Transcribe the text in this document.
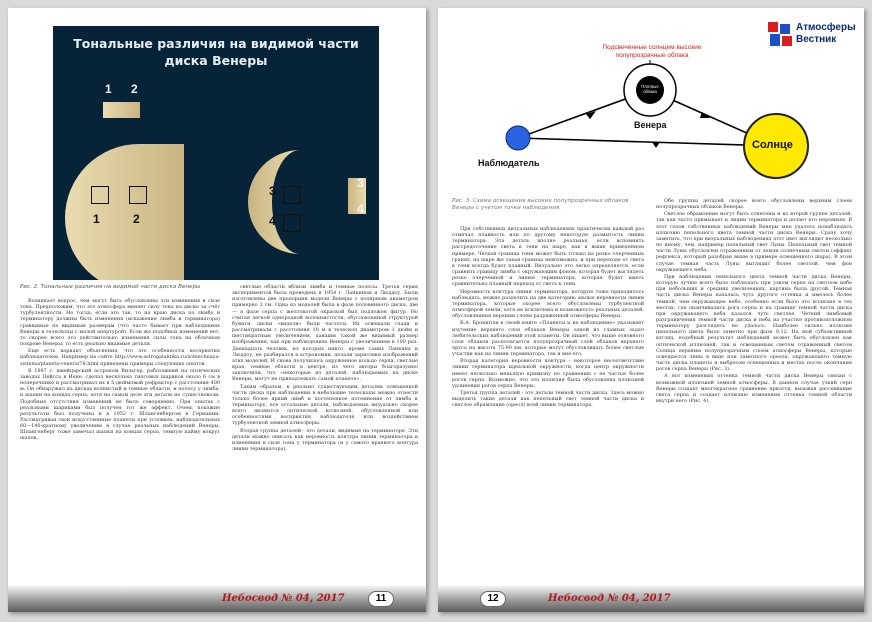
Тональные различия на видимой части
диска Венеры
1 2
1	2
3
4
3
4
Рис. 2. Тональные различия на видимой части диска Венеры

Возникает вопрос, чем могут быть обусловлены эти изменения в силе тона. Предположим, что это атмосфера меняет силу тона на диске за счёт турбулентности. Но тогда, если это так, то на краю диска по лимбу и терминатору должны быть изменения (искажения лимба и терминатора) сравнимые по видимым размерам (что часто бывает при наблюдениях Венеры в телескопы с малой апертурой). Если же подобных изменений нет, то скорее всего это действительно изменения силы тона на облачном покрове Венеры, то есть реально видимые детали.

Еще есть вариант объяснения, что это особенности восприятия наблюдателем. Например на сайте http://www.astrogalaktika.ru/solnechnaya-sistema/planeta-venera/78.html приведены примеры следующих опытов.

В 1897 г. швейцарский астроном Вильгер, работавший на оптических заводах Цейсса в Иене, сделал несколько гипсовых шариков около 6 см в поперечнике и рассматривал их в 5-дюймовый рефрактор с расстояния 400 м. Он обнаружил на дисках волнистый и темные области, и полосу у лимба, и шапки на концах серпа, хотя на самом деле эти детали не существовали. Подобные отсутствия изменений не было совершенно. При опытах с реальными шариками был получен тот же эффект. Очень похожие результаты был получены и в 1952 г. Шлангенбергом в Германии. Рассматривая свои искусственные планеты при условиях, наблюдательных 60—140-кратному увеличению в случае реальных наблюдений Венеры, Шпангенберг тоже замечал шапки на концах серпа, темную кайму вокруг шапок,

светлые области вблизи лимба и темные полосы. Третья серия экспериментов была проведена в 1954 г. Ланкином и Люддоу. Были изготовлены две пропорции модели Венеры с полярным диаметром примерно 3 см. Одна из моделей была в фазе половинного диска, две — в фазе серпа с желтоватой окраской был подложен фигур. Но считая легкой однородной волокнистости, обусловленной структурой бумаги, диски «видели» были частоты. Их освещали сзади и рассматривали с расстояния 10 м в телескоп диаметром 1 дюйм и шестикратным увеличением, давшим такой же видимый размер изображения, как при наблюдениях Венеры с увеличением в 100 раз. Двенадцать человек, из которых никто, кроме самих Ланкина и Люддоу, не разбирался в астрономии, делали зарисовки изображений этих моделей. И снова получилось окруженное кольцо серпа, светлые края, темные области в центре, из чего авторы благоразумно заключили, что «некоторые из деталей, наблюдаемых на диске Венеры, могут не принадлежать самой планете».

Таким образом, к реально существующим деталям освещенной части диска при наблюдении в небольшие телескопы можно отнести только более яркий лимб и постепенное потемнение от лимба к терминатору, все остальные детали, наблюдаемые визуально скорее всего являются оптической иллюзией, обусловленной или особенностями восприятия наблюдателя или воздействием турбулентной земной атмосферы.

Вторая группа деталей - это детали, видимые на терминаторе. Эти детали можно описать как неровность контура линии терминатора и изменения в силе тона у терминатора (и у самого краевого контура линии терминатора).

Небосвод № 04, 2017	11
Атмосферы
Вестник
Подсвеченные солнцем высокие
полупрозрачные облака
Плотные
облака
Венера
Наблюдатель
Солнце
Рис. 3. Схема освещения высоких полупрозрачных облаков Венеры с учетом точки наблюдения.

При собственных визуальных наблюдениях практически каждый раз отмечал плавность или по другому некоторую размытость линии терминатора. Эта деталь вполне реальная, если вспомнить рассредоточение света в тени на шаре, как в выше приведенном примере. Четкая граница тени может быть только на резко очерченных гранях, на шаре же такая граница невозможна, и при переходе от света к тени всегда будет плавный. Визуально это легко определяется, если сравнить границу лимба с окружающим фоном, которая будет выглядеть резко очерченной и линию терминатора, которая будет иметь сравнительно плавный переход от света к тени.

Неровность контура линии терминатора, которую тоже приходилось наблюдать, можно разделить на две категории: малые неровности линии терминатора, которые скорее всего обусловлены турбулентной атмосферой земли, хотя не исключена и возможность реальных деталей, обусловленных верхним слоем разряженной атмосферы Венеры.

В.А. Бронштэн в своей книге «Планеты и их наблюдение» указывает изучение верхнего слоя облаков Венеры одной из главных задач любительских наблюдений этой планеты. Он пишет, что выше основного слоя облаков располагается полупрозрачный слой облаков верхнего яруса на высоте 75-90 км, которые могут обусловливать более светлые участки как на линии терминатора, так и вне его.

Вторая категория неровности контура - некоторое несоответствие линии терминатора идеальной окружности, когда центр окружности имеет несколько меньшую кривизну по сравнению с ее частью более рогов серпа. Возможно, что эта иллюзия была обусловлена иллюзией удлинения рогов серпа Венеры.

Третья группа деталей - это детали темной части диска. Здесь можно выделить такие детали как пепельный свет темной части диска и светлое обрамление (ореол) всей линии терминатора.

Обе группы деталей скорее всего обусловлены верхним слоем полупрозрачных облаков Венеры.

Светлое обрамление могут быть отнесены и ко второй группе деталей, так как часто примыкает к линии терминатора и делает его неровным. В этот сезон собственных наблюдений Венеры мне удалось понаблюдать иллюзию пепельного цвета темной части диска Венеры. Сразу хочу заметить, что при визуальных наблюдениях этот цвет выглядит несколько по иному, чем, например пепельный свет Луны. Пепельный свет темной части Луны обусловлен отраженным от земли солнечным светом (эффект рефлекса, который разобран выше в примере освещенного шара). В этом случае темная часть Луны выглядит более светлой, чем фон окружающего неба.

При наблюдении пепельного цвета темной части диска Венеры, которую лучше всего было наблюдать при узком серпе на светлом небе при небольших и средних увеличениях, картина была другой. Темная часть диска Венеры казалась чуть другого оттенка и имелось более темной, чем окружающее небо, особенно если было это иллюзия в тех местах, где оканчивались рога серпа и на границе темной части диска при окружающего неба казался чуть светлее. Четкий лимбовый разграничения темной части диска и неба на участке противоположном терминатору разглядеть не удалось. Наиболее сильно иллюзия пепельного цвета было заметно при фазе 0,12. На мой субъективный взгляд, подобный результат наблюдений может быть обусловлен как оптической иллюзией, так и освещенным светом отраженный светом Солнца верхним полупрозрачным слоем атмосферы Венеры, которые освещается лишь в виде или заметного ореола, окружающего темную часть диска планеты и выбросом освещенных в местах после окончания рогов серпа Венеры (Рис. 3).

А вот изменения оттенка темной части диска Венеры связан с возможной иллюзией земной атмосферы. В данном случае узкий серп Венеры создает многократное сравнение яркости, вызывая рассеивание света серпа и создает иллюзию изменения оттенка темной области внутри него (Рис. 4).

12	Небосвод № 04, 2017
